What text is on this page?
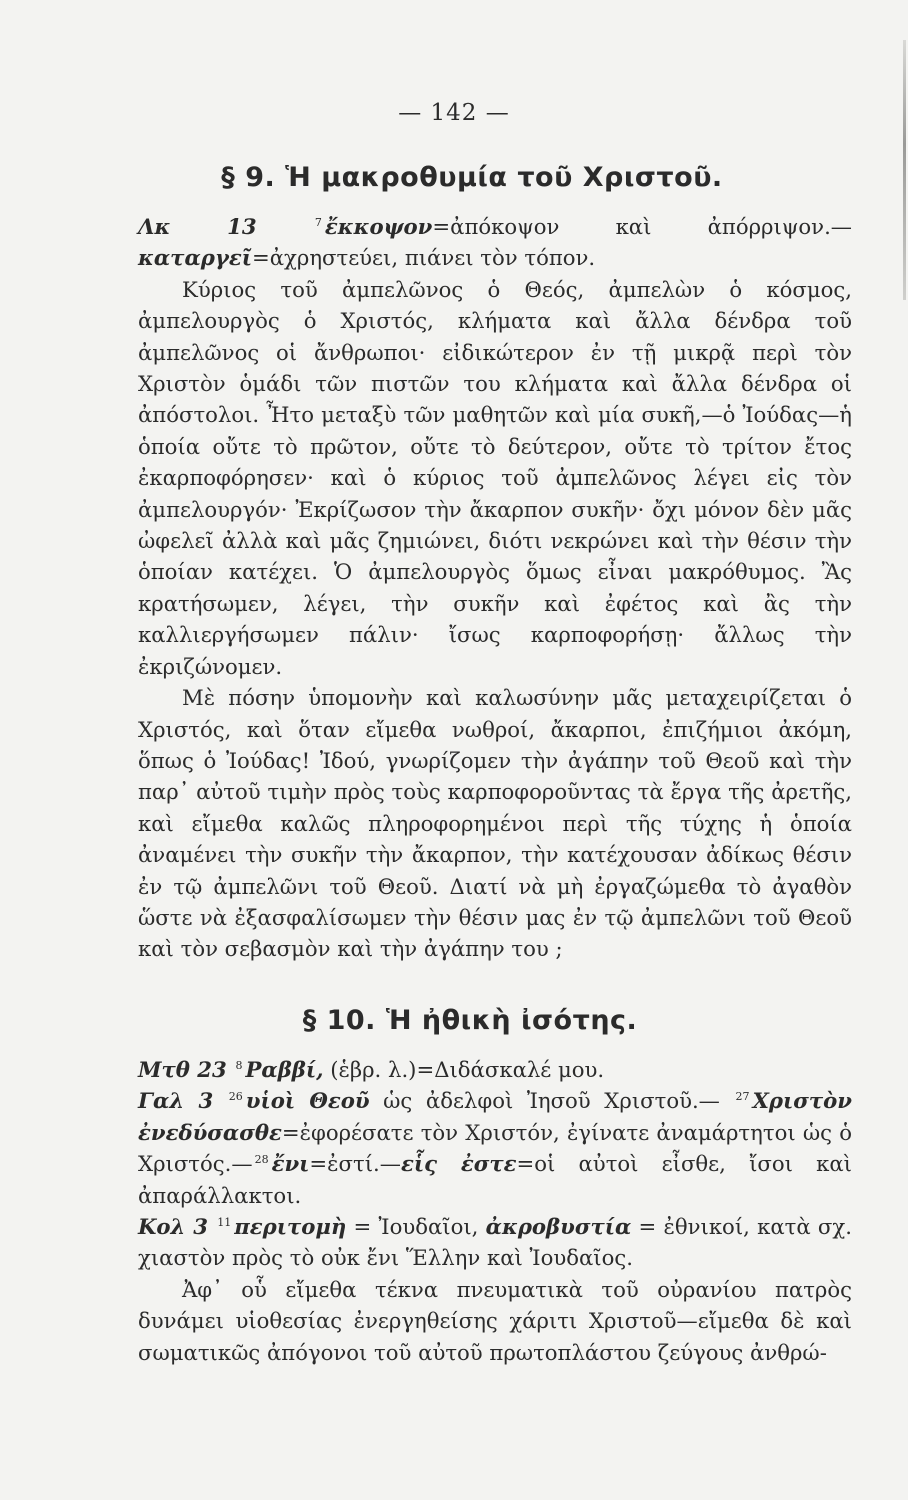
— 142 —
§ 9. Ἡ μακροθυμία τοῦ Χριστοῦ.

Λκ 13	$^7$ ἔκκοψον=ἀπόκοψον καὶ ἀπόρριψον.—καταργεῖ=ἀχρηστεύει, πιάνει τὸν τόπον.

Κύριος τοῦ ἀμπελῶνος ὁ Θεός, ἀμπελὼν ὁ κόσμος, ἀμπελουργὸς ὁ Χριστός, κλήματα καὶ ἄλλα δένδρα τοῦ ἀμπελῶνος οἱ ἄνθρωποι· εἰδικώτερον ἐν τῇ μικρᾷ περὶ τὸν Χριστὸν ὁμάδι τῶν πιστῶν του κλήματα καὶ ἄλλα δένδρα οἱ ἀπόστολοι. Ἦτο μεταξὺ τῶν μαθητῶν καὶ μία συκῆ,—ὁ Ἰούδας—ἡ ὁποία οὔτε τὸ πρῶτον, οὔτε τὸ δεύτερον, οὔτε τὸ τρίτον ἔτος ἐκαρποφόρησεν· καὶ ὁ κύριος τοῦ ἀμπελῶνος λέγει εἰς τὸν ἀμπελουργόν· Ἐκρίζωσον τὴν ἄκαρπον συκῆν· ὄχι μόνον δὲν μᾶς ὠφελεῖ ἀλλὰ καὶ μᾶς ζημιώνει, διότι νεκρώνει καὶ τὴν θέσιν τὴν ὁποίαν κατέχει. Ὁ ἀμπελουργὸς ὅμως εἶναι μακρόθυμος. Ἂς κρατήσωμεν, λέγει, τὴν συκῆν καὶ ἐφέτος καὶ ἂς τὴν καλλιεργήσωμεν πάλιν· ἴσως καρποφορήσῃ· ἄλλως τὴν ἐκριζώνομεν.

Μὲ πόσην ὑπομονὴν καὶ καλωσύνην μᾶς μεταχειρίζεται ὁ Χριστός, καὶ ὅταν εἴμεθα νωθροί, ἄκαρποι, ἐπιζήμιοι ἀκόμη, ὅπως ὁ Ἰούδας! Ἰδού, γνωρίζομεν τὴν ἀγάπην τοῦ Θεοῦ καὶ τὴν παρ᾽ αὐτοῦ τιμὴν πρὸς τοὺς καρποφοροῦντας τὰ ἔργα τῆς ἀρετῆς, καὶ εἴμεθα καλῶς πληροφορημένοι περὶ τῆς τύχης ἡ ὁποία ἀναμένει τὴν συκῆν τὴν ἄκαρπον, τὴν κατέχουσαν ἀδίκως θέσιν ἐν τῷ ἀμπελῶνι τοῦ Θεοῦ. Διατί νὰ μὴ ἐργαζώμεθα τὸ ἀγαθὸν ὥστε νὰ ἐξασφαλίσωμεν τὴν θέσιν μας ἐν τῷ ἀμπελῶνι τοῦ Θεοῦ καὶ τὸν σεβασμὸν καὶ τὴν ἀγάπην του ;

§ 10. Ἡ ἠθικὴ ἰσότης.

Μτθ 23 $^8$ Ραββί, (ἑβρ. λ.)=Διδάσκαλέ μου.

Γαλ 3 $^{26}$ υἱοὶ Θεοῦ ὡς ἀδελφοὶ Ἰησοῦ Χριστοῦ.— $^{27}$ Χριστὸν ἐνεδύσασθε=ἐφορέσατε τὸν Χριστόν, ἐγίνατε ἀναμάρτητοι ὡς ὁ Χριστός.— $^{28}$ ἔνι=ἐστί.—εἷς ἐστε=οἱ αὐτοὶ εἶσθε, ἴσοι καὶ ἀπαράλλακτοι.

Κολ 3 $^{11}$ περιτομὴ = Ἰουδαῖοι, ἀκροβυστία = ἐθνικοί, κατὰ σχ. χιαστὸν πρὸς τὸ οὐκ ἔνι Ἕλλην καὶ Ἰουδαῖος.

Ἀφ᾽ οὗ εἴμεθα τέκνα πνευματικὰ τοῦ οὐρανίου πατρὸς δυνάμει υἱοθεσίας ἐνεργηθείσης χάριτι Χριστοῦ—εἴμεθα δὲ καὶ σωματικῶς ἀπόγονοι τοῦ αὐτοῦ πρωτοπλάστου ζεύγους ἀνθρώ-
